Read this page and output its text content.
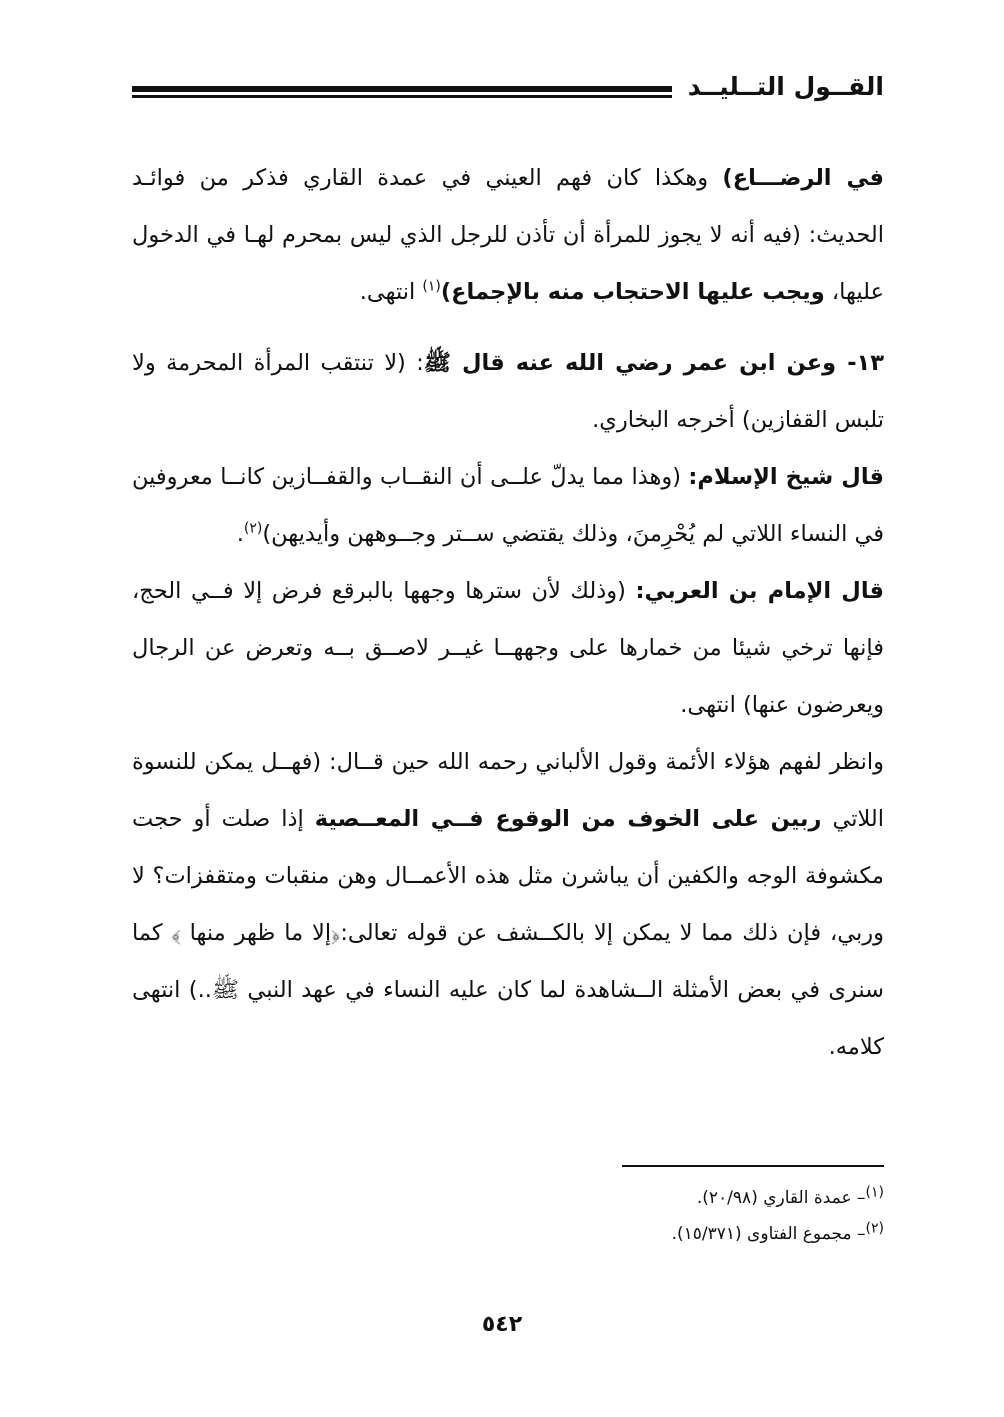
القــول التــليــد

في الرضـــاع) وهكذا كان فهم العيني في عمدة القاري فذكر من فوائـد الحديث: (فيه أنه لا يجوز للمرأة أن تأذن للرجل الذي ليس بمحرم لهـا في الدخول عليها، ويجب عليها الاحتجاب منه بالإجماع)$^{(١)}$ انتهى.

١٣- وعن ابن عمر رضي الله عنه قال ﷺ: (لا تنتقب المرأة المحرمة ولا تلبس القفازين) أخرجه البخاري.

قال شيخ الإسلام: (وهذا مما يدلّ علــى أن النقــاب والقفــازين كانــا معروفين في النساء اللاتي لم يُحْرِمنَ، وذلك يقتضي ســتر وجــوههن وأيديهن)$^{(٢)}$.

قال الإمام بن العربي: (وذلك لأن سترها وجهها بالبرقع فرض إلا فــي الحج، فإنها ترخي شيئا من خمارها على وجههــا غيــر لاصــق بــه وتعرض عن الرجال ويعرضون عنها) انتهى.

وانظر لفهم هؤلاء الأئمة وقول الألباني رحمه الله حين قــال: (فهــل يمكن للنسوة اللاتي ربين على الخوف من الوقوع فــي المعــصية إذا صلت أو حجت مكشوفة الوجه والكفين أن يباشرن مثل هذه الأعمــال وهن منقبات ومتقفزات؟ لا وربي، فإن ذلك مما لا يمكن إلا بالكــشف عن قوله تعالى:﴿إلا ما ظهر منها ﴾ كما سنرى في بعض الأمثلة الــشاهدة لما كان عليه النساء في عهد النبي ﷺ..) انتهى كلامه.

$^{(١)}$– عمدة القاري (٢٠/٩٨).

$^{(٢)}$– مجموع الفتاوى (١٥/٣٧١).

٥٤٢
